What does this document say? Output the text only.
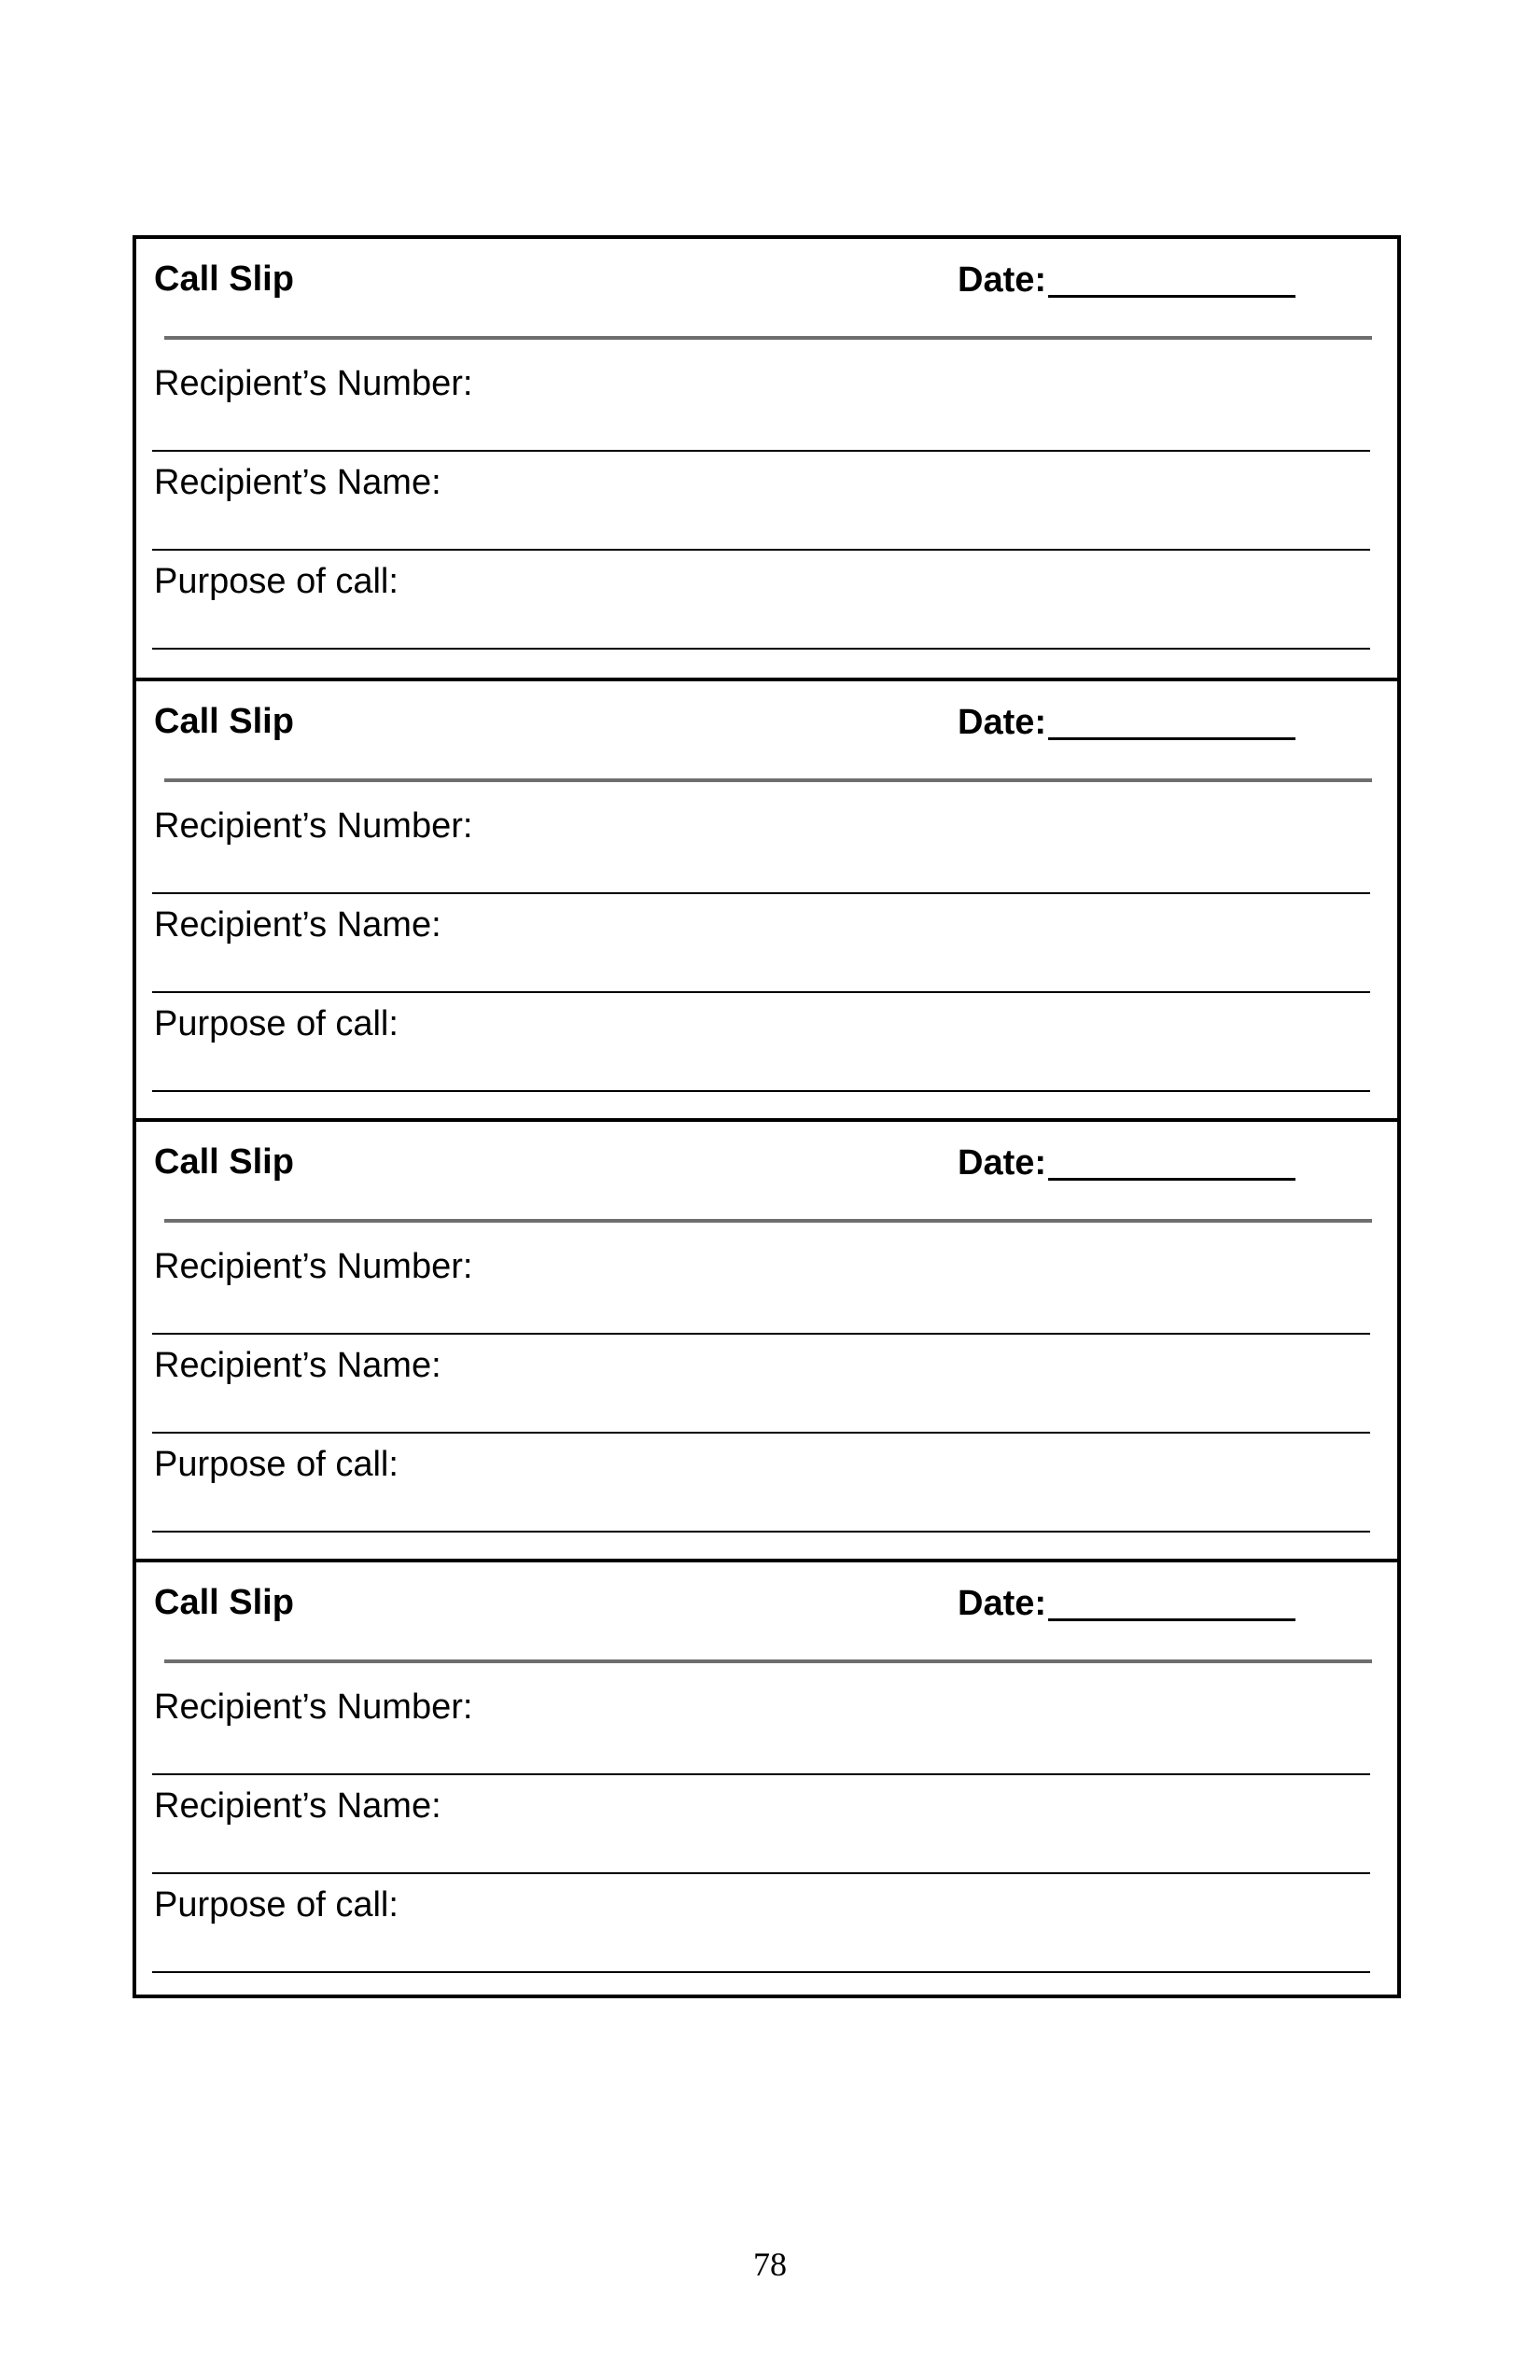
Call Slip	Date:
Recipient’s Number:
Recipient’s Name:
Purpose of call:
Call Slip	Date:
Recipient’s Number:
Recipient’s Name:
Purpose of call:
Call Slip	Date:
Recipient’s Number:
Recipient’s Name:
Purpose of call:
Call Slip	Date:
Recipient’s Number:
Recipient’s Name:
Purpose of call:
78
